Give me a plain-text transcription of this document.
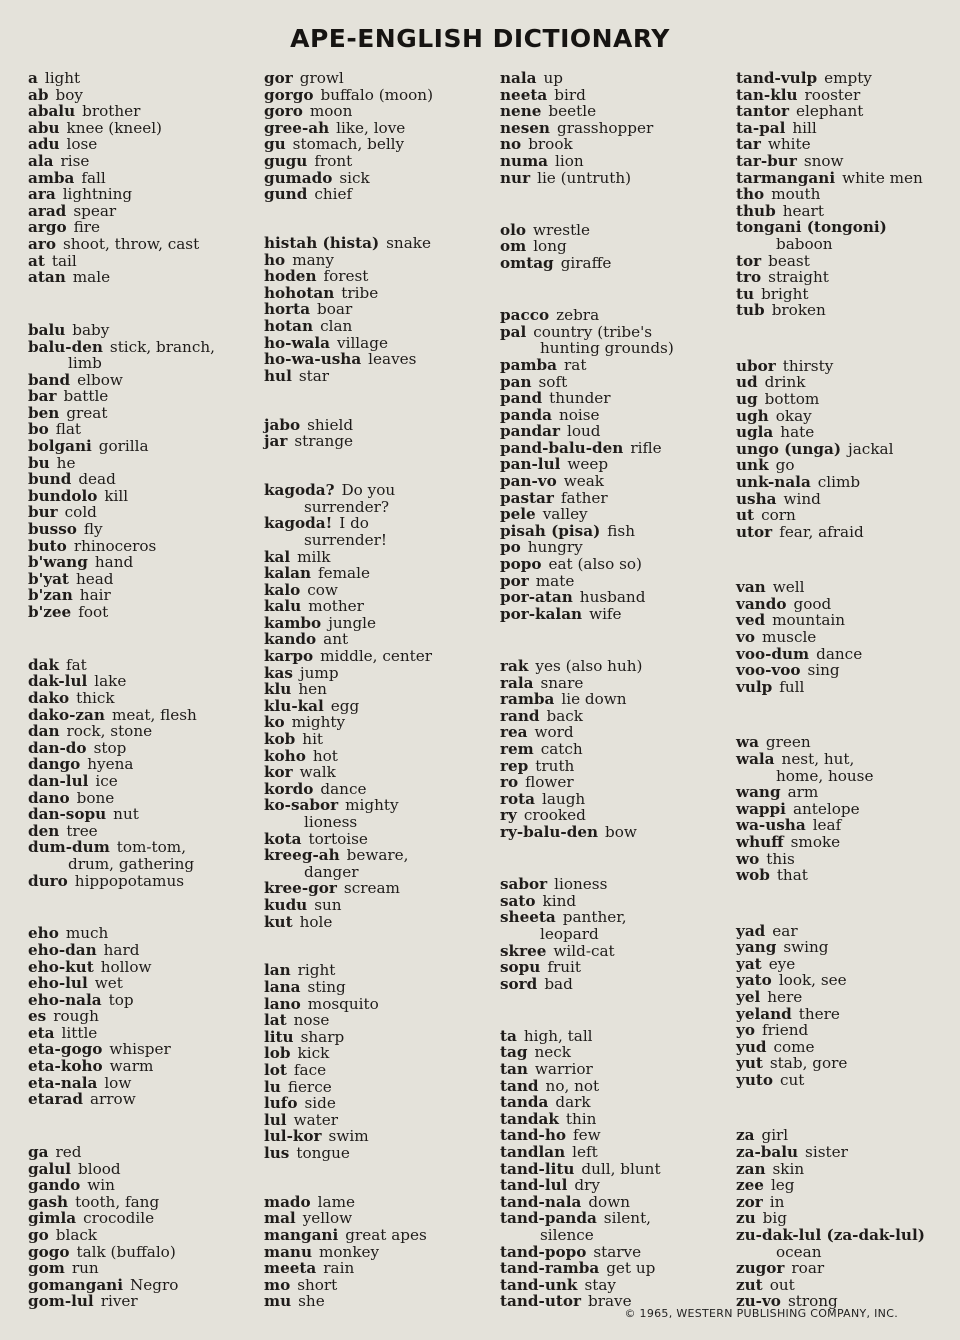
APE-ENGLISH DICTIONARY
a light
ab boy
abalu brother
abu knee (kneel)
adu lose
ala rise
amba fall
ara lightning
arad spear
argo fire
aro shoot, throw, cast
at tail
atan male
balu baby
balu-den stick, branch,
limb
band elbow
bar battle
ben great
bo flat
bolgani gorilla
bu he
bund dead
bundolo kill
bur cold
busso fly
buto rhinoceros
b'wang hand
b'yat head
b'zan hair
b'zee foot
dak fat
dak-lul lake
dako thick
dako-zan meat, flesh
dan rock, stone
dan-do stop
dango hyena
dan-lul ice
dano bone
dan-sopu nut
den tree
dum-dum tom-tom,
drum, gathering
duro hippopotamus
eho much
eho-dan hard
eho-kut hollow
eho-lul wet
eho-nala top
es rough
eta little
eta-gogo whisper
eta-koho warm
eta-nala low
etarad arrow
ga red
galul blood
gando win
gash tooth, fang
gimla crocodile
go black
gogo talk (buffalo)
gom run
gomangani Negro
gom-lul river
gor growl
gorgo buffalo (moon)
goro moon
gree-ah like, love
gu stomach, belly
gugu front
gumado sick
gund chief
histah (hista) snake
ho many
hoden forest
hohotan tribe
horta boar
hotan clan
ho-wala village
ho-wa-usha leaves
hul star
jabo shield
jar strange
kagoda? Do you
surrender?
kagoda! I do
surrender!
kal milk
kalan female
kalo cow
kalu mother
kambo jungle
kando ant
karpo middle, center
kas jump
klu hen
klu-kal egg
ko mighty
kob hit
koho hot
kor walk
kordo dance
ko-sabor mighty
lioness
kota tortoise
kreeg-ah beware,
danger
kree-gor scream
kudu sun
kut hole
lan right
lana sting
lano mosquito
lat nose
litu sharp
lob kick
lot face
lu fierce
lufo side
lul water
lul-kor swim
lus tongue
mado lame
mal yellow
mangani great apes
manu monkey
meeta rain
mo short
mu she
nala up
neeta bird
nene beetle
nesen grasshopper
no brook
numa lion
nur lie (untruth)
olo wrestle
om long
omtag giraffe
pacco zebra
pal country (tribe's
hunting grounds)
pamba rat
pan soft
pand thunder
panda noise
pandar loud
pand-balu-den rifle
pan-lul weep
pan-vo weak
pastar father
pele valley
pisah (pisa) fish
po hungry
popo eat (also so)
por mate
por-atan husband
por-kalan wife
rak yes (also huh)
rala snare
ramba lie down
rand back
rea word
rem catch
rep truth
ro flower
rota laugh
ry crooked
ry-balu-den bow
sabor lioness
sato kind
sheeta panther,
leopard
skree wild-cat
sopu fruit
sord bad
ta high, tall
tag neck
tan warrior
tand no, not
tanda dark
tandak thin
tand-ho few
tandlan left
tand-litu dull, blunt
tand-lul dry
tand-nala down
tand-panda silent,
silence
tand-popo starve
tand-ramba get up
tand-unk stay
tand-utor brave
tand-vulp empty
tan-klu rooster
tantor elephant
ta-pal hill
tar white
tar-bur snow
tarmangani white men
tho mouth
thub heart
tongani (tongoni)
baboon
tor beast
tro straight
tu bright
tub broken
ubor thirsty
ud drink
ug bottom
ugh okay
ugla hate
ungo (unga) jackal
unk go
unk-nala climb
usha wind
ut corn
utor fear, afraid
van well
vando good
ved mountain
vo muscle
voo-dum dance
voo-voo sing
vulp full
wa green
wala nest, hut,
home, house
wang arm
wappi antelope
wa-usha leaf
whuff smoke
wo this
wob that
yad ear
yang swing
yat eye
yato look, see
yel here
yeland there
yo friend
yud come
yut stab, gore
yuto cut
za girl
za-balu sister
zan skin
zee leg
zor in
zu big
zu-dak-lul (za-dak-lul)
ocean
zugor roar
zut out
zu-vo strong
© 1965, WESTERN PUBLISHING COMPANY, INC.
